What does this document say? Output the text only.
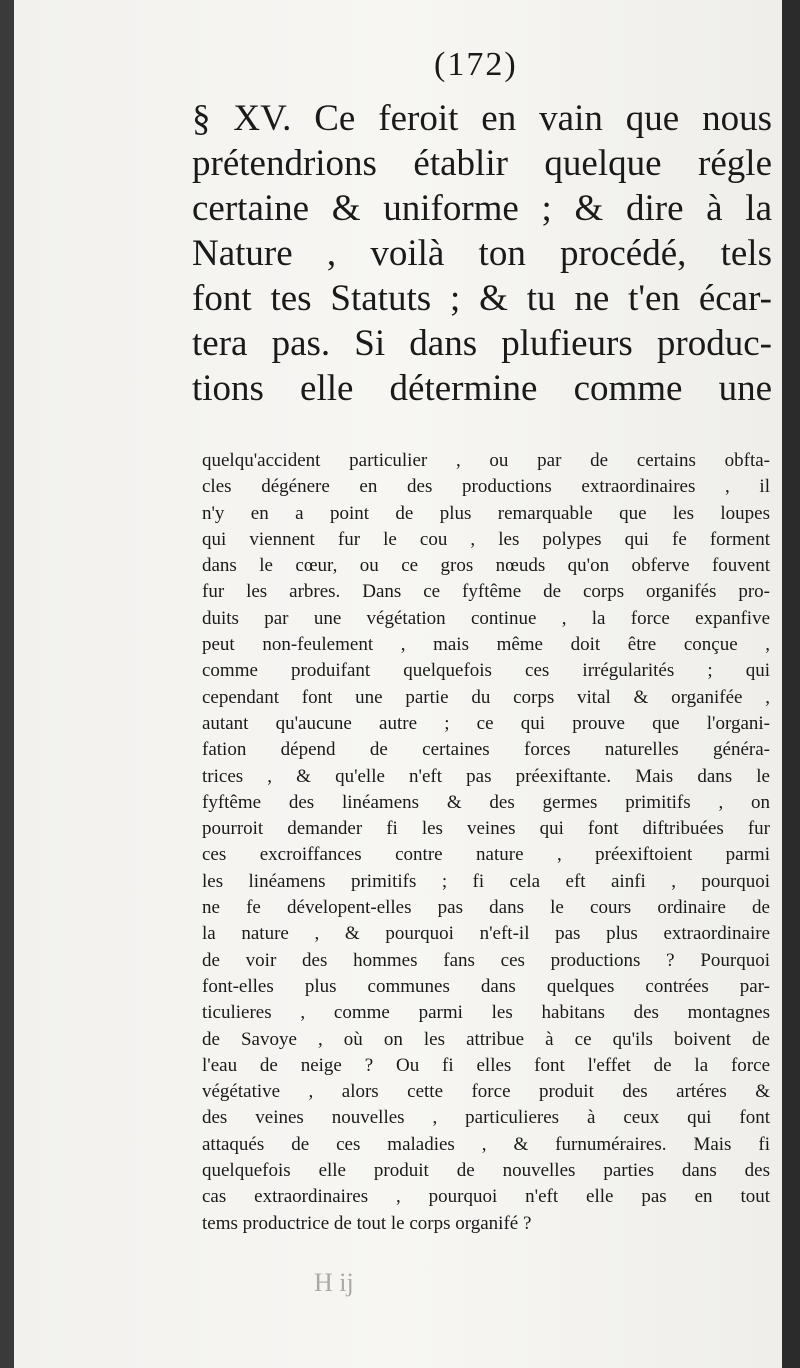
(172)
§ XV. Ce feroit en vain que nous
prétendrions établir quelque régle
certaine & uniforme ; & dire à la
Nature , voilà ton procédé, tels
font tes Statuts ; & tu ne t'en écar-
tera pas. Si dans plufieurs produc-
tions elle détermine comme une
quelqu'accident particulier , ou par de certains obfta-
cles dégénere en des productions extraordinaires , il
n'y en a point de plus remarquable que les loupes
qui viennent fur le cou , les polypes qui fe forment
dans le cœur, ou ce gros nœuds qu'on obferve fouvent
fur les arbres. Dans ce fyftême de corps organifés pro-
duits par une végétation continue , la force expanfive
peut non-feulement , mais même doit être conçue ,
comme produifant quelquefois ces irrégularités ; qui
cependant font une partie du corps vital & organifée ,
autant qu'aucune autre ; ce qui prouve que l'organi-
fation dépend de certaines forces naturelles généra-
trices , & qu'elle n'eft pas préexiftante. Mais dans le
fyftême des linéamens & des germes primitifs , on
pourroit demander fi les veines qui font diftribuées fur
ces excroiffances contre nature , préexiftoient parmi
les linéamens primitifs ; fi cela eft ainfi , pourquoi
ne fe dévelopent-elles pas dans le cours ordinaire de
la nature , & pourquoi n'eft-il pas plus extraordinaire
de voir des hommes fans ces productions ? Pourquoi
font-elles plus communes dans quelques contrées par-
ticulieres , comme parmi les habitans des montagnes
de Savoye , où on les attribue à ce qu'ils boivent de
l'eau de neige ? Ou fi elles font l'effet de la force
végétative , alors cette force produit des artéres &
des veines nouvelles , particulieres à ceux qui font
attaqués de ces maladies , & furnuméraires. Mais fi
quelquefois elle produit de nouvelles parties dans des
cas extraordinaires , pourquoi n'eft elle pas en tout
tems productrice de tout le corps organifé ?
H ij
